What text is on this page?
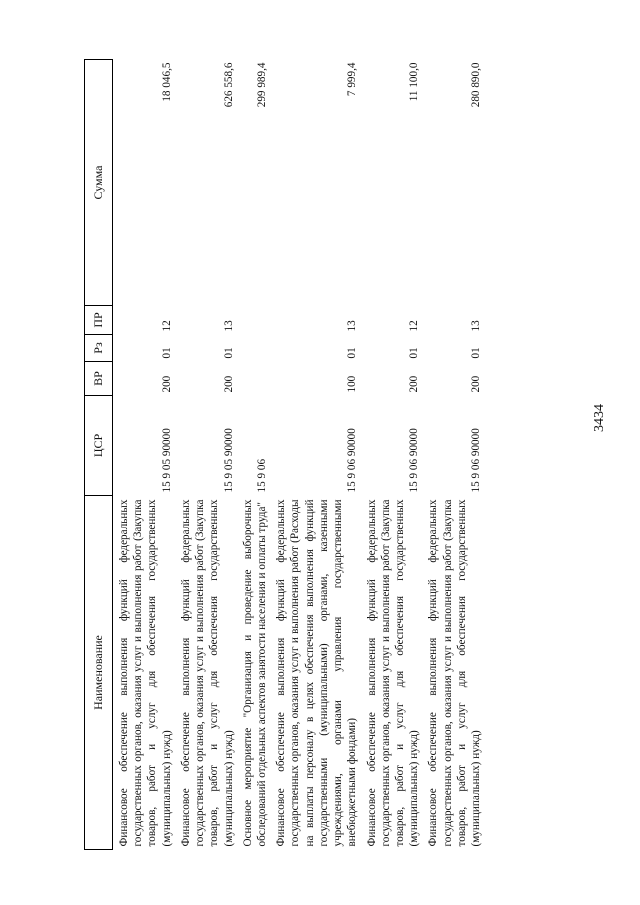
3434
Наименование	ЦСР	ВР	Рз	ПР	Сумма
Финансовое обеспечение выполнения функций федеральных государственных органов, оказания услуг и выполнения работ (Закупка товаров, работ и услуг для обеспечения государственных (муниципальных) нужд)	15 9 05 90000	200	01	12	18 046,5
Финансовое обеспечение выполнения функций федеральных государственных органов, оказания услуг и выполнения работ (Закупка товаров, работ и услуг для обеспечения государственных (муниципальных) нужд)	15 9 05 90000	200	01	13	626 558,6
Основное мероприятие "Организация и проведение выборочных обследований отдельных аспектов занятости населения и оплаты труда"	15 9 06				299 989,4
Финансовое обеспечение выполнения функций федеральных государственных органов, оказания услуг и выполнения работ (Расходы на выплаты персоналу в целях обеспечения выполнения функций государственными (муниципальными) органами, казенными учреждениями, органами управления государственными внебюджетными фондами)	15 9 06 90000	100	01	13	7 999,4
Финансовое обеспечение выполнения функций федеральных государственных органов, оказания услуг и выполнения работ (Закупка товаров, работ и услуг для обеспечения государственных (муниципальных) нужд)	15 9 06 90000	200	01	12	11 100,0
Финансовое обеспечение выполнения функций федеральных государственных органов, оказания услуг и выполнения работ (Закупка товаров, работ и услуг для обеспечения государственных (муниципальных) нужд)	15 9 06 90000	200	01	13	280 890,0
